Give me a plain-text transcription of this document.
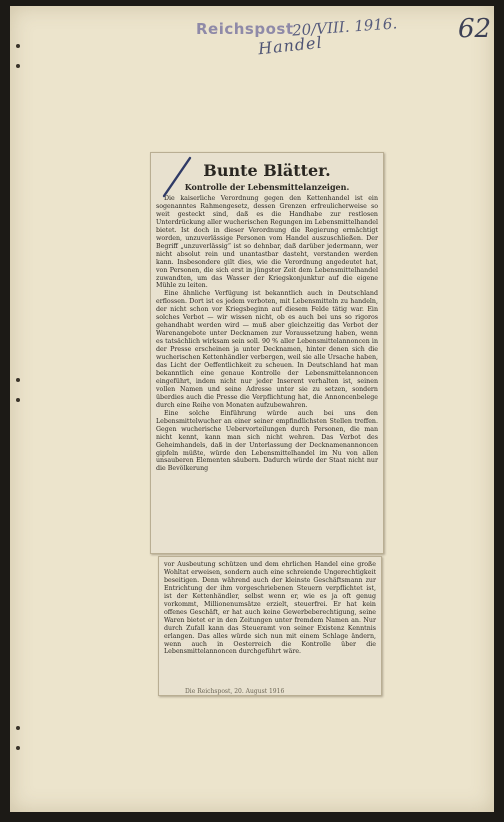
Reichspost
20/VIII. 1916.
Handel
62
Bunte Blätter.
Kontrolle der Lebensmittelanzeigen.

Die kaiserliche Verordnung gegen den Kettenhandel ist ein sogenanntes Rahmengesetz, dessen Grenzen erfreulicherweise so weit gesteckt sind, daß es die Handhabe zur restlosen Unterdrückung aller wucherischen Regungen im Lebensmittelhandel bietet. Ist doch in dieser Verordnung die Regierung ermächtigt worden, unzuverlässige Personen vom Handel auszuschließen. Der Begriff „unzuverlässig“ ist so dehnbar, daß darüber jedermann, wer nicht absolut rein und unantastbar dasteht, verstanden werden kann. Insbesondere gilt dies, wie die Verordnung angedeutet hat, von Personen, die sich erst in jüngster Zeit dem Lebensmittelhandel zuwandten, um das Wasser der Kriegskonjunktur auf die eigene Mühle zu leiten.

Eine ähnliche Verfügung ist bekanntlich auch in Deutschland erflossen. Dort ist es jedem verboten, mit Lebensmitteln zu handeln, der nicht schon vor Kriegsbeginn auf diesem Felde tätig war. Ein solches Verbot — wir wissen nicht, ob es auch bei uns so rigoros gehandhabt werden wird — muß aber gleichzeitig das Verbot der Warenangebote unter Decknamen zur Voraussetzung haben, wenn es tatsächlich wirksam sein soll. 90 % aller Lebensmittelannoncen in der Presse erscheinen ja unter Decknamen, hinter denen sich die wucherischen Kettenhändler verbergen, weil sie alle Ursache haben, das Licht der Oeffentlichkeit zu scheuen. In Deutschland hat man bekanntlich eine genaue Kontrolle der Lebensmittelannoncen eingeführt, indem nicht nur jeder Inserent verhalten ist, seinen vollen Namen und seine Adresse unter sie zu setzen, sondern überdies auch die Presse die Verpflichtung hat, die Annoncenbelege durch eine Reihe von Monaten aufzubewahren.

Eine solche Einführung würde auch bei uns den Lebensmittelwucher an einer seiner empfindlichsten Stellen treffen. Gegen wucherische Uebervorteilungen durch Personen, die man nicht kennt, kann man sich nicht wehren. Das Verbot des Geheimhandels, daß in der Unterlassung der Decknamenannoncen gipfeln müßte, würde den Lebensmittelhandel im Nu von allen unsauberen Elementen säubern. Dadurch würde der Staat nicht nur die Bevölkerung

vor Ausbeutung schützen und dem ehrlichen Handel eine große Wohltat erweisen, sondern auch eine schreiende Ungerechtigkeit beseitigen. Denn während auch der kleinste Geschäftsmann zur Entrichtung der ihm vorgeschriebenen Steuern verpflichtet ist, ist der Kettenhändler, selbst wenn er, wie es ja oft genug vorkommt, Millionenumsätze erzielt, steuerfrei. Er hat kein offenes Geschäft, er hat auch keine Gewerbeberechtigung, seine Waren bietet er in den Zeitungen unter fremdem Namen an. Nur durch Zufall kann das Steueramt von seiner Existenz Kenntnis erlangen. Das alles würde sich nun mit einem Schlage ändern, wenn auch in Oesterreich die Kontrolle über die Lebensmittelannoncen durchgeführt wäre.

Die Reichspost, 20. August 1916
